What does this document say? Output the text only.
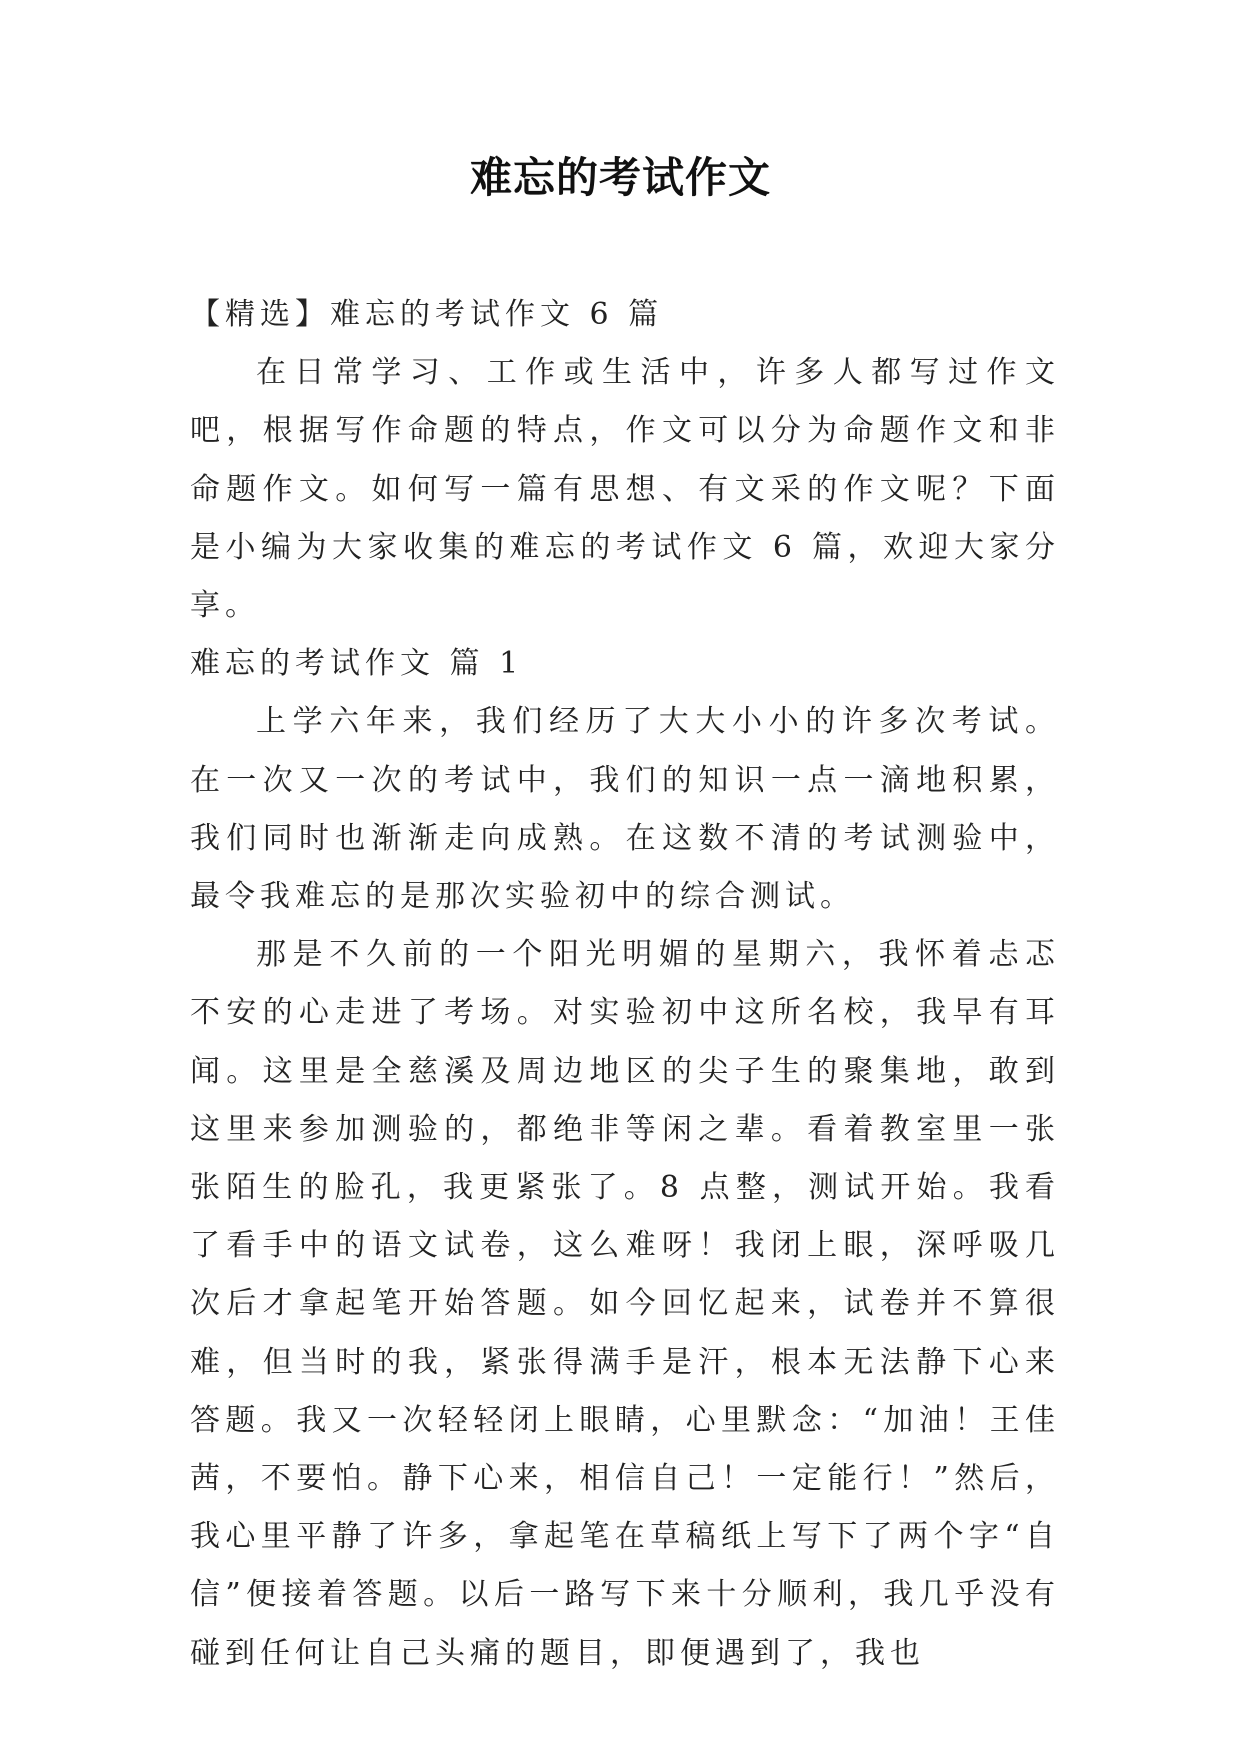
难忘的考试作文

【精选】难忘的考试作文 6 篇

在日常学习、工作或生活中，许多人都写过作文吧，根据写作命题的特点，作文可以分为命题作文和非命题作文。如何写一篇有思想、有文采的作文呢？下面是小编为大家收集的难忘的考试作文 6 篇，欢迎大家分享。

难忘的考试作文 篇 1

上学六年来，我们经历了大大小小的许多次考试。在一次又一次的考试中，我们的知识一点一滴地积累，我们同时也渐渐走向成熟。在这数不清的考试测验中，最令我难忘的是那次实验初中的综合测试。

那是不久前的一个阳光明媚的星期六，我怀着忐忑不安的心走进了考场。对实验初中这所名校，我早有耳闻。这里是全慈溪及周边地区的尖子生的聚集地，敢到这里来参加测验的，都绝非等闲之辈。看着教室里一张张陌生的脸孔，我更紧张了。8 点整，测试开始。我看了看手中的语文试卷，这么难呀！我闭上眼，深呼吸几次后才拿起笔开始答题。如今回忆起来，试卷并不算很难，但当时的我，紧张得满手是汗，根本无法静下心来答题。我又一次轻轻闭上眼睛，心里默念：“加油！王佳茜，不要怕。静下心来，相信自己！一定能行！”然后，我心里平静了许多，拿起笔在草稿纸上写下了两个字“自信”便接着答题。以后一路写下来十分顺利，我几乎没有碰到任何让自己头痛的题目，即便遇到了，我也
